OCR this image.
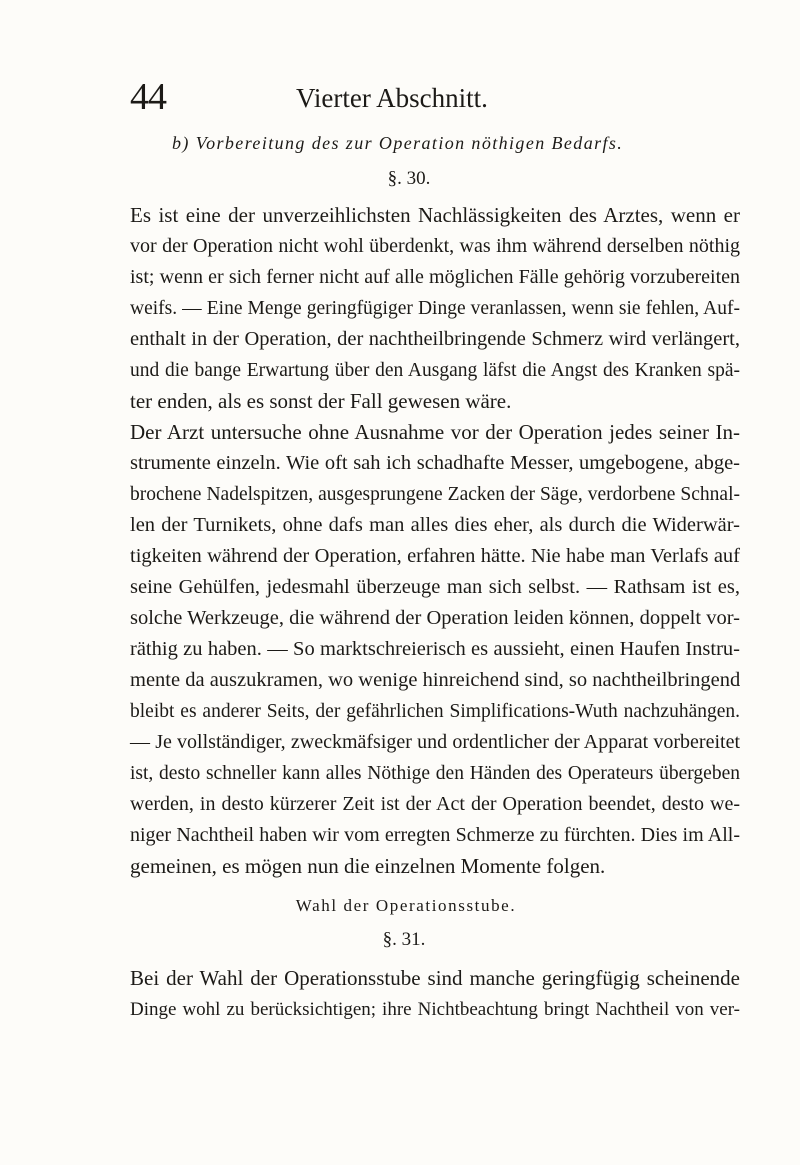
44	Vierter Abschnitt.
b) Vorbereitung des zur Operation nöthigen Bedarfs.
§. 30.
Es ist eine der unverzeihlichsten Nachlässigkeiten des Arztes, wenn er
vor der Operation nicht wohl überdenkt, was ihm während derselben nöthig
ist; wenn er sich ferner nicht auf alle möglichen Fälle gehörig vorzubereiten
weifs. — Eine Menge geringfügiger Dinge veranlassen, wenn sie fehlen, Auf-
enthalt in der Operation, der nachtheilbringende Schmerz wird verlängert,
und die bange Erwartung über den Ausgang läfst die Angst des Kranken spä-
ter enden, als es sonst der Fall gewesen wäre.
Der Arzt untersuche ohne Ausnahme vor der Operation jedes seiner In-
strumente einzeln. Wie oft sah ich schadhafte Messer, umgebogene, abge-
brochene Nadelspitzen, ausgesprungene Zacken der Säge, verdorbene Schnal-
len der Turnikets, ohne dafs man alles dies eher, als durch die Widerwär-
tigkeiten während der Operation, erfahren hätte. Nie habe man Verlafs auf
seine Gehülfen, jedesmahl überzeuge man sich selbst. — Rathsam ist es,
solche Werkzeuge, die während der Operation leiden können, doppelt vor-
räthig zu haben. — So marktschreierisch es aussieht, einen Haufen Instru-
mente da auszukramen, wo wenige hinreichend sind, so nachtheilbringend
bleibt es anderer Seits, der gefährlichen Simplifications-Wuth nachzuhängen.
— Je vollständiger, zweckmäfsiger und ordentlicher der Apparat vorbereitet
ist, desto schneller kann alles Nöthige den Händen des Operateurs übergeben
werden, in desto kürzerer Zeit ist der Act der Operation beendet, desto we-
niger Nachtheil haben wir vom erregten Schmerze zu fürchten. Dies im All-
gemeinen, es mögen nun die einzelnen Momente folgen.
Wahl der Operationsstube.
§. 31.
Bei der Wahl der Operationsstube sind manche geringfügig scheinende
Dinge wohl zu berücksichtigen; ihre Nichtbeachtung bringt Nachtheil von ver-
